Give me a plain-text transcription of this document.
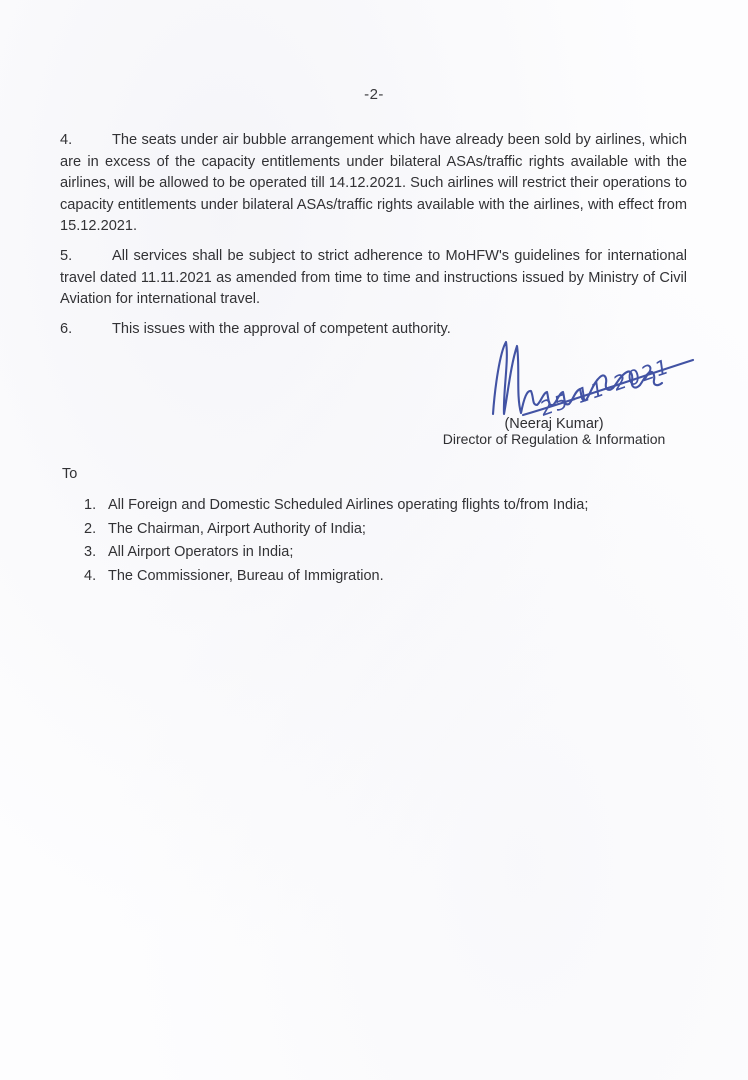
-2-
4.	The seats under air bubble arrangement which have already been sold by airlines, which are in excess of the capacity entitlements under bilateral ASAs/traffic rights available with the airlines, will be allowed to be operated till 14.12.2021. Such airlines will restrict their operations to capacity entitlements under bilateral ASAs/traffic rights available with the airlines, with effect from 15.12.2021.
5.	All services shall be subject to strict adherence to MoHFW's guidelines for international travel dated 11.11.2021 as amended from time to time and instructions issued by Ministry of Civil Aviation for international travel.
6.	This issues with the approval of competent authority.
25-11-2021
(Neeraj Kumar)
Director of Regulation & Information
To
1. All Foreign and Domestic Scheduled Airlines operating flights to/from India;
2. The Chairman, Airport Authority of India;
3. All Airport Operators in India;
4. The Commissioner, Bureau of Immigration.
